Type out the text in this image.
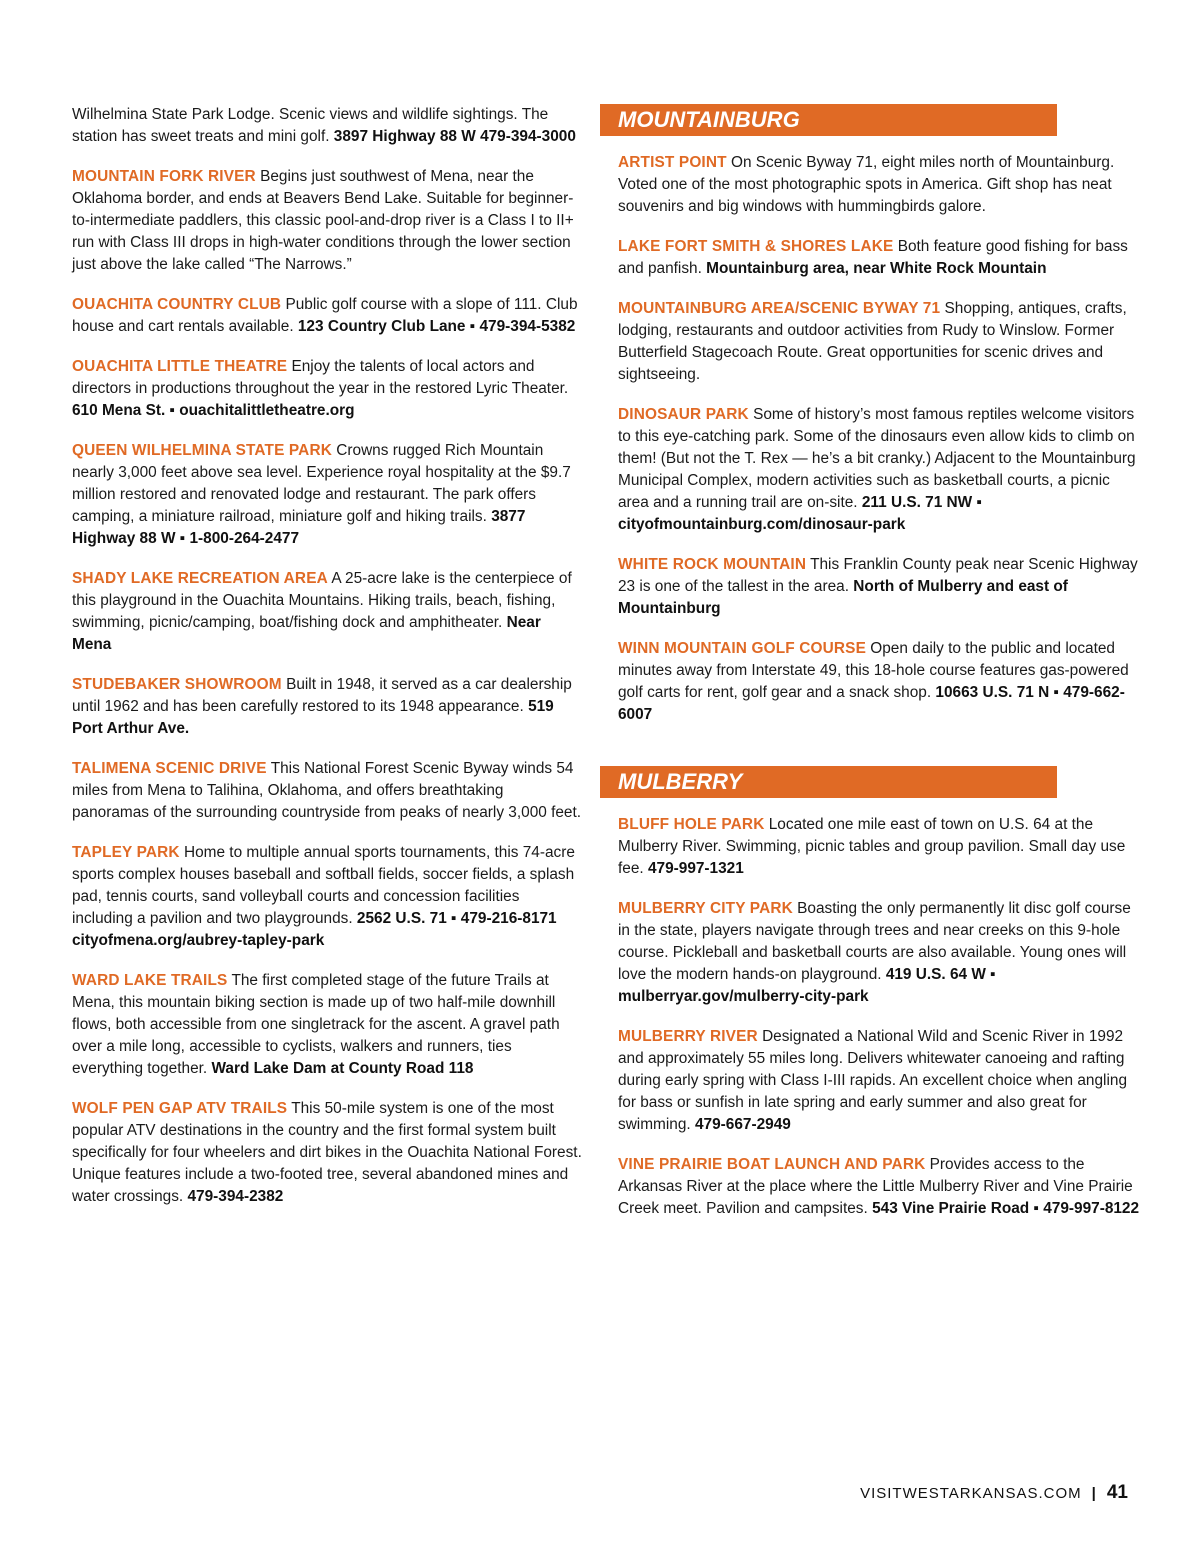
Wilhelmina State Park Lodge. Scenic views and wildlife sightings. The station has sweet treats and mini golf. 3897 Highway 88 W 479-394-3000

MOUNTAIN FORK RIVER Begins just southwest of Mena, near the Oklahoma border, and ends at Beavers Bend Lake. Suitable for beginner-to-intermediate paddlers, this classic pool-and-drop river is a Class I to II+ run with Class III drops in high-water conditions through the lower section just above the lake called “The Narrows.”

OUACHITA COUNTRY CLUB Public golf course with a slope of 111. Club house and cart rentals available. 123 Country Club Lane ▪ 479-394-5382

OUACHITA LITTLE THEATRE Enjoy the talents of local actors and directors in productions throughout the year in the restored Lyric Theater. 610 Mena St. ▪ ouachitalittletheatre.org

QUEEN WILHELMINA STATE PARK Crowns rugged Rich Mountain nearly 3,000 feet above sea level. Experience royal hospitality at the $9.7 million restored and renovated lodge and restaurant. The park offers camping, a miniature railroad, miniature golf and hiking trails. 3877 Highway 88 W ▪ 1-800-264-2477

SHADY LAKE RECREATION AREA A 25-acre lake is the centerpiece of this playground in the Ouachita Mountains. Hiking trails, beach, fishing, swimming, picnic/camping, boat/fishing dock and amphitheater. Near Mena

STUDEBAKER SHOWROOM Built in 1948, it served as a car dealership until 1962 and has been carefully restored to its 1948 appearance. 519 Port Arthur Ave.

TALIMENA SCENIC DRIVE This National Forest Scenic Byway winds 54 miles from Mena to Talihina, Oklahoma, and offers breathtaking panoramas of the surrounding countryside from peaks of nearly 3,000 feet.

TAPLEY PARK Home to multiple annual sports tournaments, this 74-acre sports complex houses baseball and softball fields, soccer fields, a splash pad, tennis courts, sand volleyball courts and concession facilities including a pavilion and two playgrounds. 2562 U.S. 71 ▪ 479-216-8171 cityofmena.org/aubrey-tapley-park

WARD LAKE TRAILS The first completed stage of the future Trails at Mena, this mountain biking section is made up of two half-mile downhill flows, both accessible from one singletrack for the ascent. A gravel path over a mile long, accessible to cyclists, walkers and runners, ties everything together. Ward Lake Dam at County Road 118

WOLF PEN GAP ATV TRAILS This 50-mile system is one of the most popular ATV destinations in the country and the first formal system built specifically for four wheelers and dirt bikes in the Ouachita National Forest. Unique features include a two-footed tree, several abandoned mines and water crossings. 479-394-2382

MOUNTAINBURG

ARTIST POINT On Scenic Byway 71, eight miles north of Mountainburg. Voted one of the most photographic spots in America. Gift shop has neat souvenirs and big windows with hummingbirds galore.

LAKE FORT SMITH & SHORES LAKE Both feature good fishing for bass and panfish. Mountainburg area, near White Rock Mountain

MOUNTAINBURG AREA/SCENIC BYWAY 71 Shopping, antiques, crafts, lodging, restaurants and outdoor activities from Rudy to Winslow. Former Butterfield Stagecoach Route. Great opportunities for scenic drives and sightseeing.

DINOSAUR PARK Some of history’s most famous reptiles welcome visitors to this eye-catching park. Some of the dinosaurs even allow kids to climb on them! (But not the T. Rex — he’s a bit cranky.) Adjacent to the Mountainburg Municipal Complex, modern activities such as basketball courts, a picnic area and a running trail are on-site. 211 U.S. 71 NW ▪ cityofmountainburg.com/dinosaur-park

WHITE ROCK MOUNTAIN This Franklin County peak near Scenic Highway 23 is one of the tallest in the area. North of Mulberry and east of Mountainburg

WINN MOUNTAIN GOLF COURSE Open daily to the public and located minutes away from Interstate 49, this 18-hole course features gas-powered golf carts for rent, golf gear and a snack shop. 10663 U.S. 71 N ▪ 479-662-6007

MULBERRY

BLUFF HOLE PARK Located one mile east of town on U.S. 64 at the Mulberry River. Swimming, picnic tables and group pavilion. Small day use fee. 479-997-1321

MULBERRY CITY PARK Boasting the only permanently lit disc golf course in the state, players navigate through trees and near creeks on this 9-hole course. Pickleball and basketball courts are also available. Young ones will love the modern hands-on playground. 419 U.S. 64 W ▪ mulberryar.gov/mulberry-city-park

MULBERRY RIVER Designated a National Wild and Scenic River in 1992 and approximately 55 miles long. Delivers whitewater canoeing and rafting during early spring with Class I-III rapids. An excellent choice when angling for bass or sunfish in late spring and early summer and also great for swimming. 479-667-2949

VINE PRAIRIE BOAT LAUNCH AND PARK Provides access to the Arkansas River at the place where the Little Mulberry River and Vine Prairie Creek meet. Pavilion and campsites. 543 Vine Prairie Road ▪ 479-997-8122

VISITWESTARKANSAS.COM | 41
